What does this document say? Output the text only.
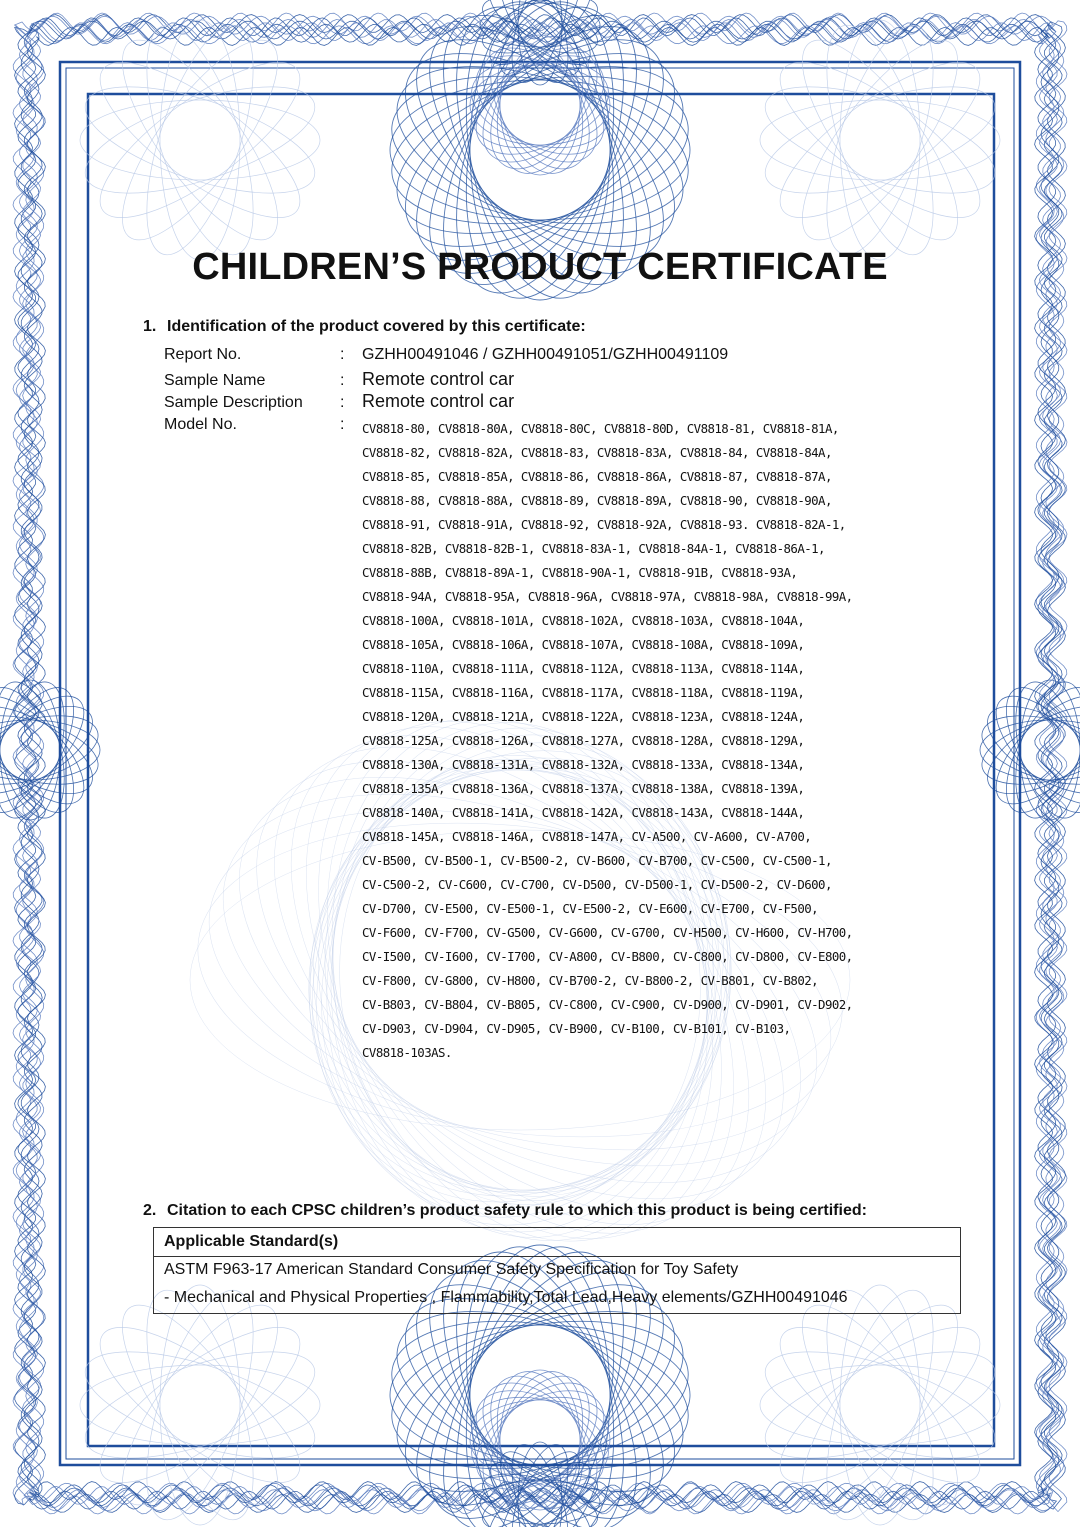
CHILDREN’S PRODUCT CERTIFICATE
1. Identification of the product covered by this certificate:
Report No.	: GZHH00491046 / GZHH00491051/GZHH00491109
Sample Name	: Remote control car
Sample Description : Remote control car
Model No.	: CV8818-80, CV8818-80A, CV8818-80C, CV8818-80D, CV8818-81, CV8818-81A,
CV8818-82, CV8818-82A, CV8818-83, CV8818-83A, CV8818-84, CV8818-84A,
CV8818-85, CV8818-85A, CV8818-86, CV8818-86A, CV8818-87, CV8818-87A,
CV8818-88, CV8818-88A, CV8818-89, CV8818-89A, CV8818-90, CV8818-90A,
CV8818-91, CV8818-91A, CV8818-92, CV8818-92A, CV8818-93. CV8818-82A-1,
CV8818-82B, CV8818-82B-1, CV8818-83A-1, CV8818-84A-1, CV8818-86A-1,
CV8818-88B, CV8818-89A-1, CV8818-90A-1, CV8818-91B, CV8818-93A,
CV8818-94A, CV8818-95A, CV8818-96A, CV8818-97A, CV8818-98A, CV8818-99A,
CV8818-100A, CV8818-101A, CV8818-102A, CV8818-103A, CV8818-104A,
CV8818-105A, CV8818-106A, CV8818-107A, CV8818-108A, CV8818-109A,
CV8818-110A, CV8818-111A, CV8818-112A, CV8818-113A, CV8818-114A,
CV8818-115A, CV8818-116A, CV8818-117A, CV8818-118A, CV8818-119A,
CV8818-120A, CV8818-121A, CV8818-122A, CV8818-123A, CV8818-124A,
CV8818-125A, CV8818-126A, CV8818-127A, CV8818-128A, CV8818-129A,
CV8818-130A, CV8818-131A, CV8818-132A, CV8818-133A, CV8818-134A,
CV8818-135A, CV8818-136A, CV8818-137A, CV8818-138A, CV8818-139A,
CV8818-140A, CV8818-141A, CV8818-142A, CV8818-143A, CV8818-144A,
CV8818-145A, CV8818-146A, CV8818-147A, CV-A500, CV-A600, CV-A700,
CV-B500, CV-B500-1, CV-B500-2, CV-B600, CV-B700, CV-C500, CV-C500-1,
CV-C500-2, CV-C600, CV-C700, CV-D500, CV-D500-1, CV-D500-2, CV-D600,
CV-D700, CV-E500, CV-E500-1, CV-E500-2, CV-E600, CV-E700, CV-F500,
CV-F600, CV-F700, CV-G500, CV-G600, CV-G700, CV-H500, CV-H600, CV-H700,
CV-I500, CV-I600, CV-I700, CV-A800, CV-B800, CV-C800, CV-D800, CV-E800,
CV-F800, CV-G800, CV-H800, CV-B700-2, CV-B800-2, CV-B801, CV-B802,
CV-B803, CV-B804, CV-B805, CV-C800, CV-C900, CV-D900, CV-D901, CV-D902,
CV-D903, CV-D904, CV-D905, CV-B900, CV-B100, CV-B101, CV-B103,
CV8818-103AS.
2. Citation to each CPSC children’s product safety rule to which this product is being certified:
Applicable Standard(s)
ASTM F963-17 American Standard Consumer Safety Specification for Toy Safety
- Mechanical and Physical Properties , Flammability,Total Lead,Heavy elements/GZHH00491046
